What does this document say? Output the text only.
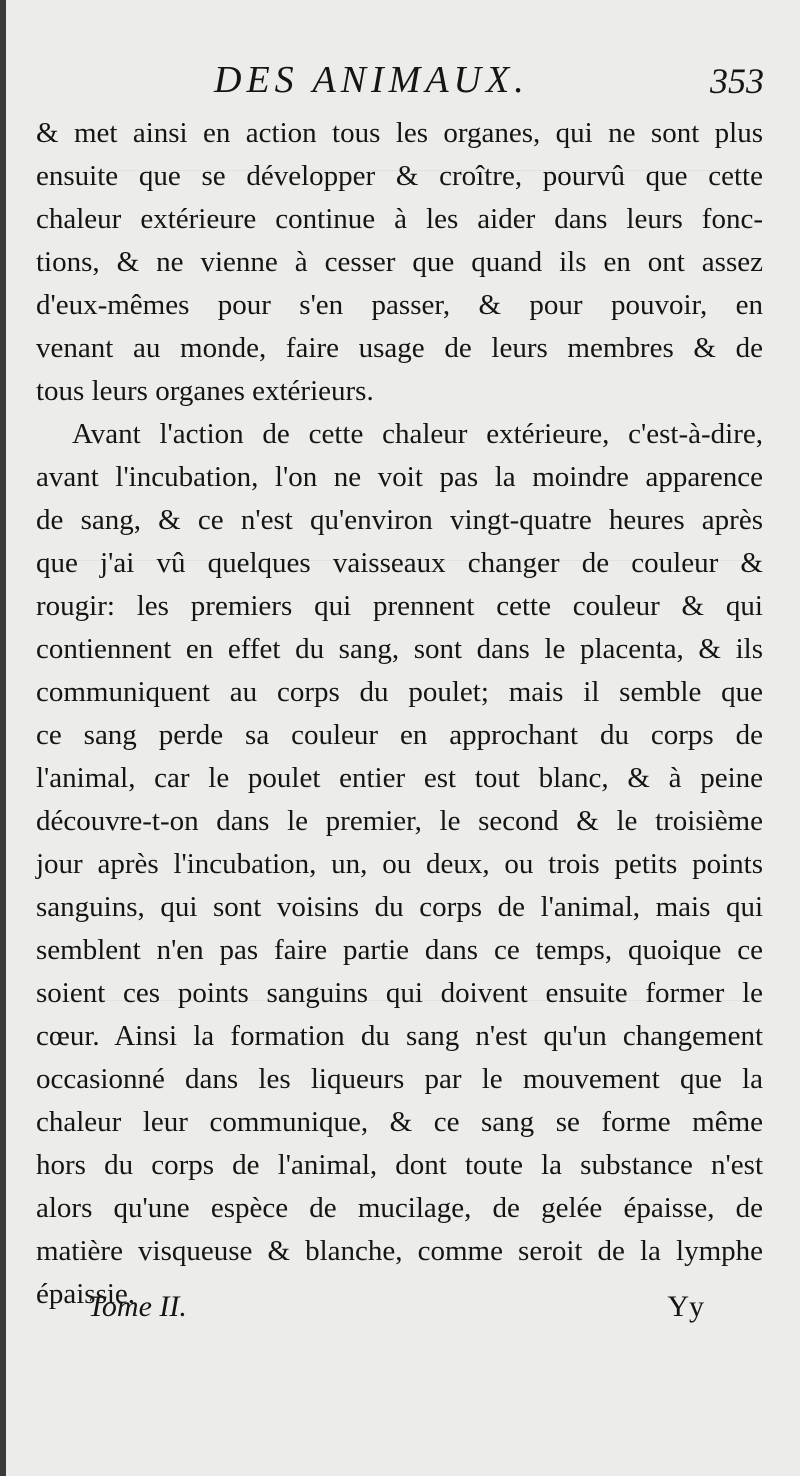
DES ANIMAUX.	353
& met ainsi en action tous les organes, qui ne sont plus
ensuite que se développer & croître, pourvû que cette
chaleur extérieure continue à les aider dans leurs fonc-
tions, & ne vienne à cesser que quand ils en ont assez
d'eux-mêmes pour s'en passer, & pour pouvoir, en
venant au monde, faire usage de leurs membres & de
tous leurs organes extérieurs.
Avant l'action de cette chaleur extérieure, c'est-à-dire,
avant l'incubation, l'on ne voit pas la moindre apparence
de sang, & ce n'est qu'environ vingt-quatre heures après
que j'ai vû quelques vaisseaux changer de couleur &
rougir: les premiers qui prennent cette couleur & qui
contiennent en effet du sang, sont dans le placenta, & ils
communiquent au corps du poulet; mais il semble que
ce sang perde sa couleur en approchant du corps de
l'animal, car le poulet entier est tout blanc, & à peine
découvre-t-on dans le premier, le second & le troisième
jour après l'incubation, un, ou deux, ou trois petits points
sanguins, qui sont voisins du corps de l'animal, mais qui
semblent n'en pas faire partie dans ce temps, quoique ce
soient ces points sanguins qui doivent ensuite former le
cœur. Ainsi la formation du sang n'est qu'un changement
occasionné dans les liqueurs par le mouvement que la
chaleur leur communique, & ce sang se forme même
hors du corps de l'animal, dont toute la substance n'est
alors qu'une espèce de mucilage, de gelée épaisse, de
matière visqueuse & blanche, comme seroit de la lymphe
épaissie.
Tome II.	Yy
